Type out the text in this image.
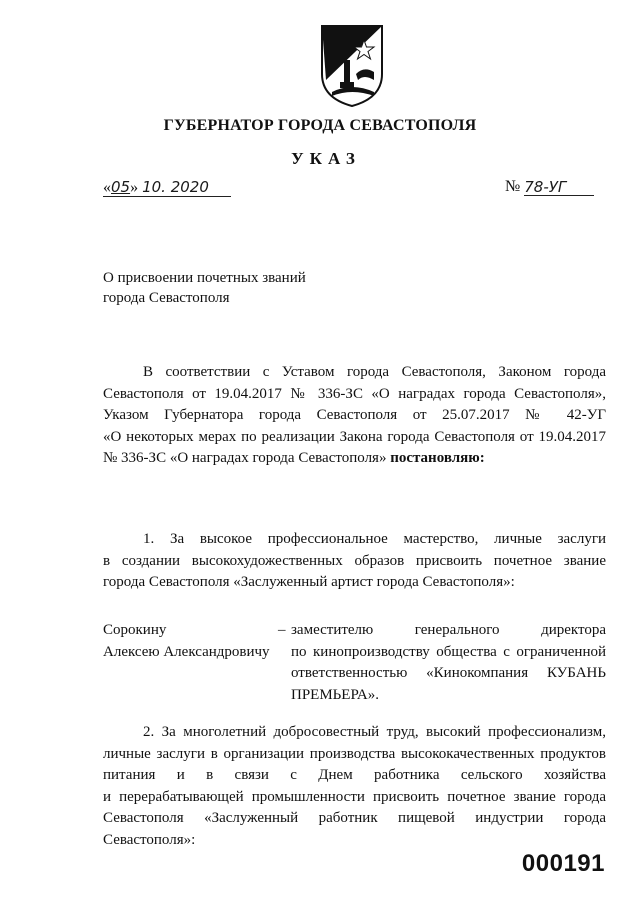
ГУБЕРНАТОР ГОРОДА СЕВАСТОПОЛЯ
УКАЗ
«05» 10. 2020	№ 78-УГ
О присвоении почетных званий
города Севастополя
В соответствии с Уставом города Севастополя, Законом города
Севастополя от 19.04.2017 № 336-ЗС «О наградах города Севастополя»,
Указом Губернатора города Севастополя от 25.07.2017 № 42-УГ
«О некоторых мерах по реализации Закона города Севастополя от 19.04.2017
№ 336-ЗС «О наградах города Севастополя» постановляю:
1. За высокое профессиональное мастерство, личные заслуги
в создании высокохудожественных образов присвоить почетное звание
города Севастополя «Заслуженный артист города Севастополя»:
Сорокину
Алексею Александровичу
– заместителю генерального директора
по кинопроизводству общества с ограниченной
ответственностью «Кинокомпания КУБАНЬ
ПРЕМЬЕРА».
2. За многолетний добросовестный труд, высокий профессионализм,
личные заслуги в организации производства высококачественных продуктов
питания и в связи с Днем работника сельского хозяйства
и перерабатывающей промышленности присвоить почетное звание города
Севастополя «Заслуженный работник пищевой индустрии города
Севастополя»:
000191
